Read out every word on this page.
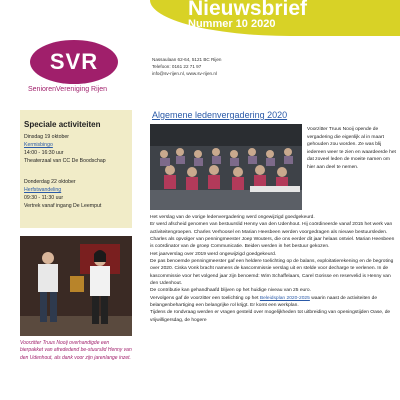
Nieuwsbrief
Nummer 10 2020
SVR
SeniorenVereniging Rijen
Nassaulaan 62-64, 5121 BC Rijen
Telefoon: 0161 22 71 97
info@sv-rijen.nl, www.sv-rijen.nl
Speciale activiteiten
Dinsdag 19 oktober
Kermisbingo
14:00 - 16:30 uur
Theaterzaal van CC De Boodschap
Donderdag 22 oktober
Herfstwandeling
09:30 - 11:30 uur
Vertrek vanaf ingang De Leemput
Voorzitter Truus Nooij overhandigde een bierpakket van afrededend be-stuurslid Henny van den Udenhout, als dank voor zijn jarenlange inzet.
Algemene ledenvergadering 2020
Voorzitter Truus Nooij opende de vergadering die eigenlijk al in maart gehouden zou worden. Ze was blij iedereen weer te zien en waardeerde het dat zoveel leden de moeite namen om hier aan deel te nemen.

Het verslag van de vorige ledenvergadering werd ongewijzigd goedgekeurd.

Er werd afscheid genomen van bestuurslid Henny van den Udenhout. Hij coördineerde vanaf 2015 het werk van activiteitengroepen. Charles Verhoosel en Marian Heesbeen werden voorgedragen als nieuwe bestuursleden. Charles als opvolger van penningmeester Joep Wouters, die ons eerder dit jaar helaas ontviel. Marian Heesbeen is coördinator van de groep Communicatie. Beiden werden in het bestuur gekozen.

Het jaarverslag over 2019 werd ongewijzigd goedgekeurd.

De pas benoemde penningmeester gaf een heldere toelichting op de balans, exploitatierekening en de begroting over 2020. Ciska Vonk bracht namens de kascommissie verslag uit en stelde voor decharge te verlenen. In de kascommissie voor het volgend jaar zijn benoemd: Wim Schaffelaars, Carel Gorisse en reservelid is Henny van den Udenhout.

De contributie kan gehandhaafd blijven op het huidige niveau van 25 euro.

Vervolgens gaf de voorzitter een toelichting op het Beleidsplan 2020-2025 waarin naast de activiteiten de belangenbehartiging een belangrijke rol krijgt. Er komt een werkplan.

Tijdens de rondvraag werden er vragen gesteld over mogelijkheden tot uitbreiding van openingstijden Oase, de vrijwilligersdag, de hogere
